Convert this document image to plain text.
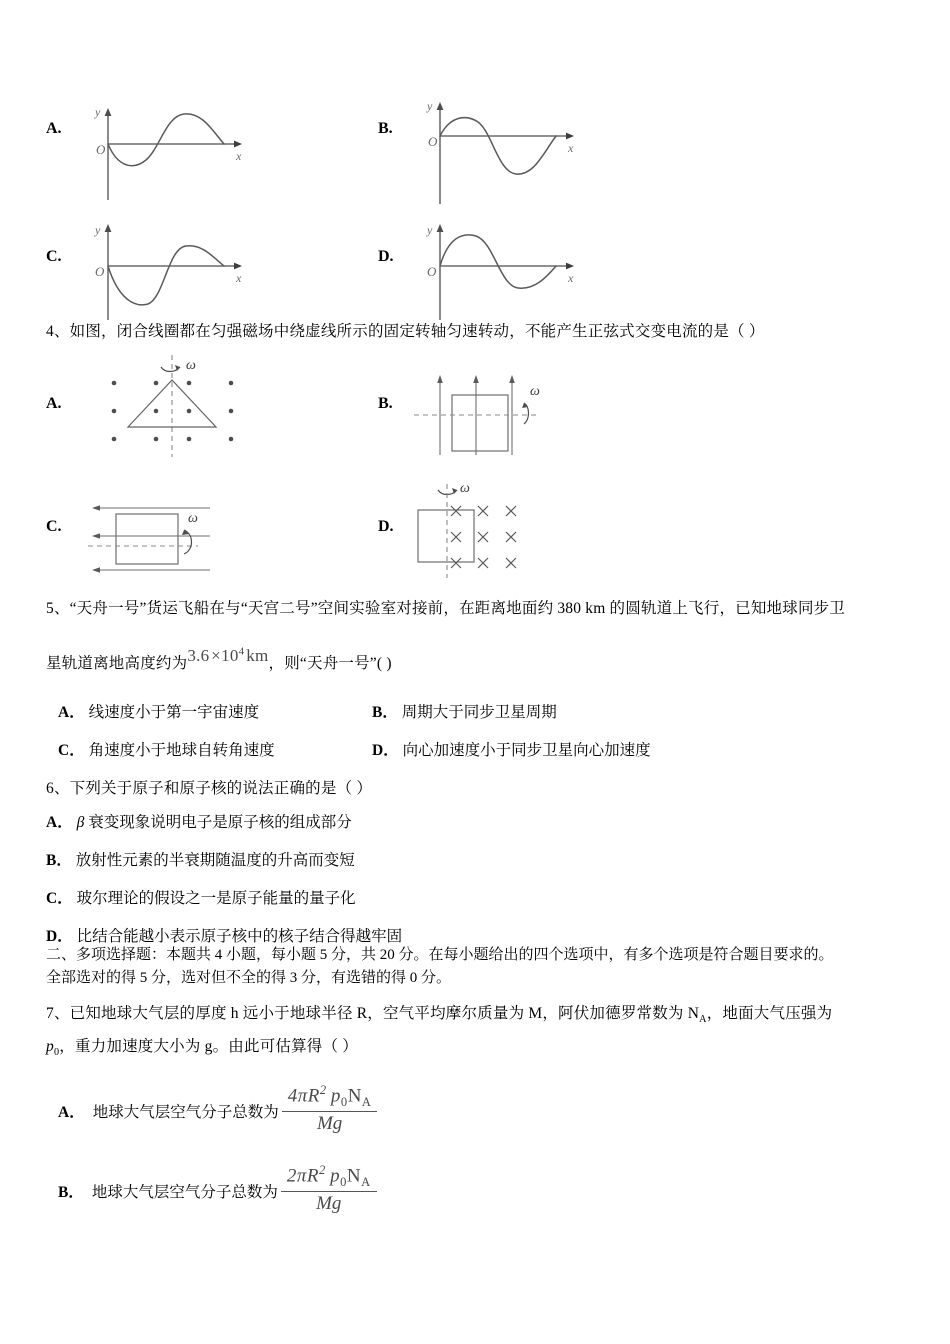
A.
y
O	x
B.
y
O	x
C.
y
O	x
D.
y
O	x
4、如图，闭合线圈都在匀强磁场中绕虚线所示的固定转轴匀速转动，不能产生正弦式交变电流的是（ ）
A.
ω
B.
ω
C.	ω	D.
ω
5、“天舟一号”货运飞船在与“天宫二号”空间实验室对接前，在距离地面约 380 km 的圆轨道上飞行，已知地球同步卫
星轨道离地高度约为3.6 $\times 10^4$ km，则“天舟一号”( )
A． 线速度小于第一宇宙速度	B． 周期大于同步卫星周期
C． 角速度小于地球自转角速度	D． 向心加速度小于同步卫星向心加速度
6、下列关于原子和原子核的说法正确的是（ ）
A． β 衰变现象说明电子是原子核的组成部分
B． 放射性元素的半衰期随温度的升高而变短
C． 玻尔理论的假设之一是原子能量的量子化
D． 比结合能越小表示原子核中的核子结合得越牢固
二、多项选择题：本题共 4 小题，每小题 5 分，共 20 分。在每小题给出的四个选项中，有多个选项是符合题目要求的。
全部选对的得 5 分，选对但不全的得 3 分，有选错的得 0 分。
7、已知地球大气层的厚度 h 远小于地球半径 R，空气平均摩尔质量为 M，阿伏加德罗常数为 $N_A$，地面大气压强为
$p_0$，重力加速度大小为 g。由此可估算得（ ）
A． 地球大气层空气分子总数为 $\frac{4\pi R^2 p_0N_A}{Mg}$
B． 地球大气层空气分子总数为 $\frac{2\pi R^2 p_0N_A}{Mg}$
